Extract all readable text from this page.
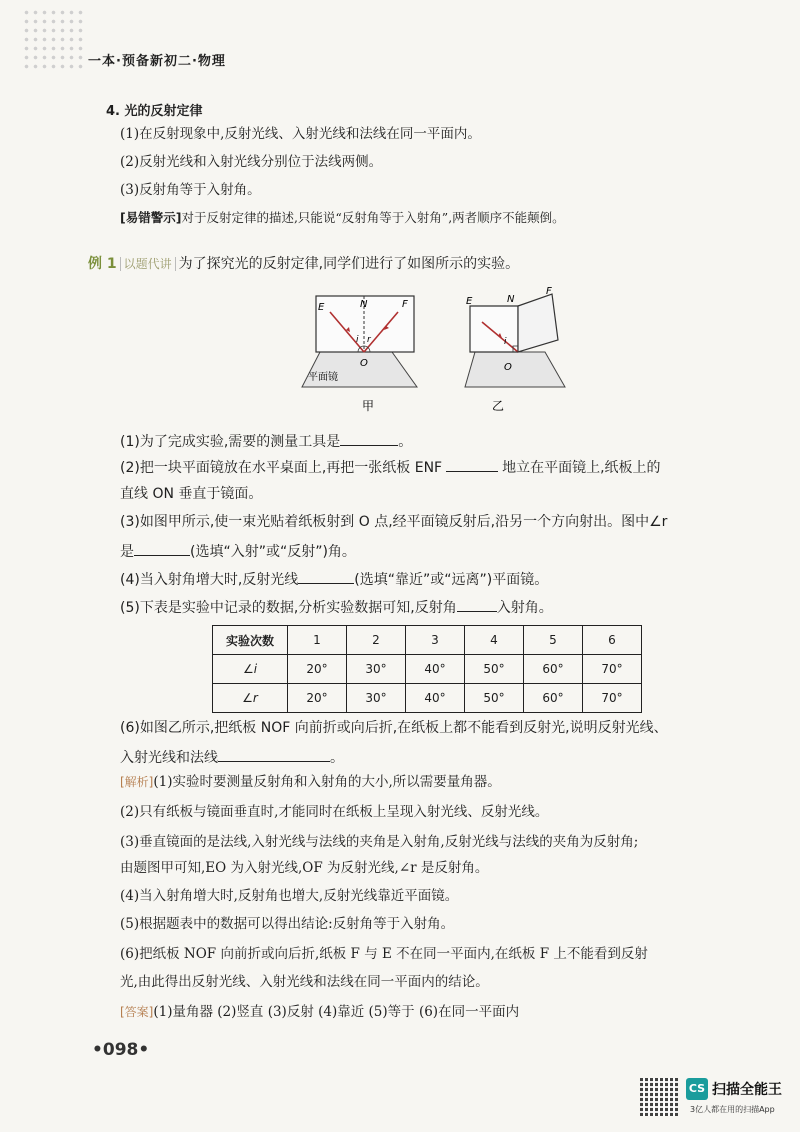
一本·预备新初二·物理
4. 光的反射定律
(1)在反射现象中,反射光线、入射光线和法线在同一平面内。
(2)反射光线和入射光线分别位于法线两侧。
(3)反射角等于入射角。
[易错警示]对于反射定律的描述,只能说“反射角等于入射角”,两者顺序不能颠倒。
例 1 以题代讲 为了探究光的反射定律,同学们进行了如图所示的实验。
E	N	F
i r
O
平面镜
甲
E	N
F
i
O
乙
(1)为了完成实验,需要的测量工具是	。
(2)把一块平面镜放在水平桌面上,再把一张纸板 ENF	地立在平面镜上,纸板上的
直线 ON 垂直于镜面。
(3)如图甲所示,使一束光贴着纸板射到 O 点,经平面镜反射后,沿另一个方向射出。图中∠r
是	(选填“入射”或“反射”)角。
(4)当入射角增大时,反射光线	(选填“靠近”或“远离”)平面镜。
(5)下表是实验中记录的数据,分析实验数据可知,反射角	入射角。
实验次数	1	2	3	4	5	6
∠i	20°	30°	40°	50°	60°	70°
∠r	20°	30°	40°	50°	60°	70°
(6)如图乙所示,把纸板 NOF 向前折或向后折,在纸板上都不能看到反射光,说明反射光线、
入射光线和法线	。
[解析](1)实验时要测量反射角和入射角的大小,所以需要量角器。
(2)只有纸板与镜面垂直时,才能同时在纸板上呈现入射光线、反射光线。
(3)垂直镜面的是法线,入射光线与法线的夹角是入射角,反射光线与法线的夹角为反射角;
由题图甲可知,EO 为入射光线,OF 为反射光线,∠r 是反射角。
(4)当入射角增大时,反射角也增大,反射光线靠近平面镜。
(5)根据题表中的数据可以得出结论:反射角等于入射角。
(6)把纸板 NOF 向前折或向后折,纸板 F 与 E 不在同一平面内,在纸板 F 上不能看到反射
光,由此得出反射光线、入射光线和法线在同一平面内的结论。
[答案](1)量角器 (2)竖直 (3)反射 (4)靠近 (5)等于 (6)在同一平面内
•098•
CS 扫描全能王
3亿人都在用的扫描App
